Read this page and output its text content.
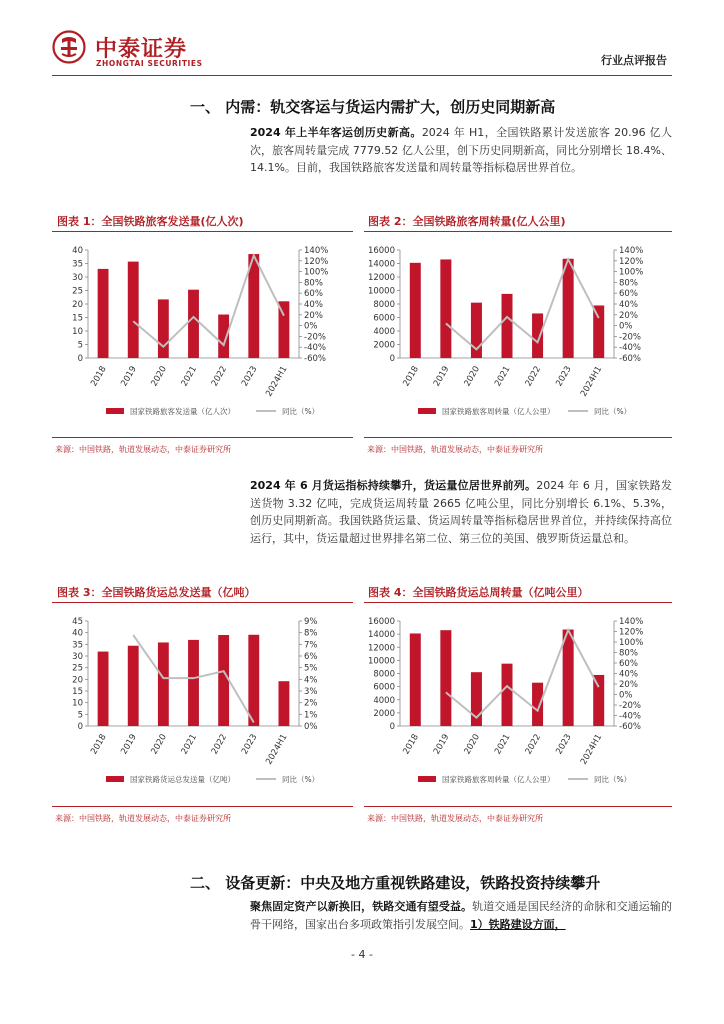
中泰证券
ZHONGTAI SECURITIES	行业点评报告
一、 内需：轨交客运与货运内需扩大，创历史同期新高
2024 年上半年客运创历史新高。2024 年 H1，全国铁路累计发送旅客 20.96 亿人次，旅客周转量完成 7779.52 亿人公里，创下历史同期新高，同比分别增长 18.4%、14.1%。目前，我国铁路旅客发送量和周转量等指标稳居世界首位。
图表 1：全国铁路旅客发送量(亿人次)
0
5
10
15
20
25
30
35
40
-60%
-40%
-20%
0%
20%
40%
60%
80%
100%
120%
140%
2018 2019 2020 2021 2022 2023 2024H1
国家铁路旅客发送量（亿人次）	同比（%）
来源：中国铁路，轨道发展动态，中泰证券研究所
图表 2：全国铁路旅客周转量(亿人公里)
0
2000
4000
6000
8000
10000
12000
14000
16000
-60%
-40%
-20%
0%
20%
40%
60%
80%
100%
120%
140%
2018 2019 2020 2021 2022 2023 2024H1
国家铁路旅客周转量（亿人公里）	同比（%）
来源：中国铁路，轨道发展动态，中泰证券研究所
2024 年 6 月货运指标持续攀升，货运量位居世界前列。2024 年 6 月，国家铁路发送货物 3.32 亿吨，完成货运周转量 2665 亿吨公里，同比分别增长 6.1%、5.3%，创历史同期新高。我国铁路货运量、货运周转量等指标稳居世界首位，并持续保持高位运行，其中，货运量超过世界排名第二位、第三位的美国、俄罗斯货运量总和。
图表 3：全国铁路货运总发送量（亿吨）
0
5
10
15
20
25
30
35
40
45
0%
1%
2%
3%
4%
5%
6%
7%
8%
9%
2018 2019 2020 2021 2022 2023 2024H1
国家铁路货运总发送量（亿吨）	同比（%）
来源：中国铁路，轨道发展动态，中泰证券研究所
图表 4：全国铁路货运总周转量（亿吨公里）
0
2000
4000
6000
8000
10000
12000
14000
16000
-60%
-40%
-20%
0%
20%
40%
60%
80%
100%
120%
140%
2018 2019 2020 2021 2022 2023 2024H1
国家铁路旅客周转量（亿人公里）	同比（%）
来源：中国铁路，轨道发展动态，中泰证券研究所
二、 设备更新：中央及地方重视铁路建设，铁路投资持续攀升
聚焦固定资产以新换旧，铁路交通有望受益。轨道交通是国民经济的命脉和交通运输的骨干网络，国家出台多项政策指引发展空间。1）铁路建设方面，
- 4 -
